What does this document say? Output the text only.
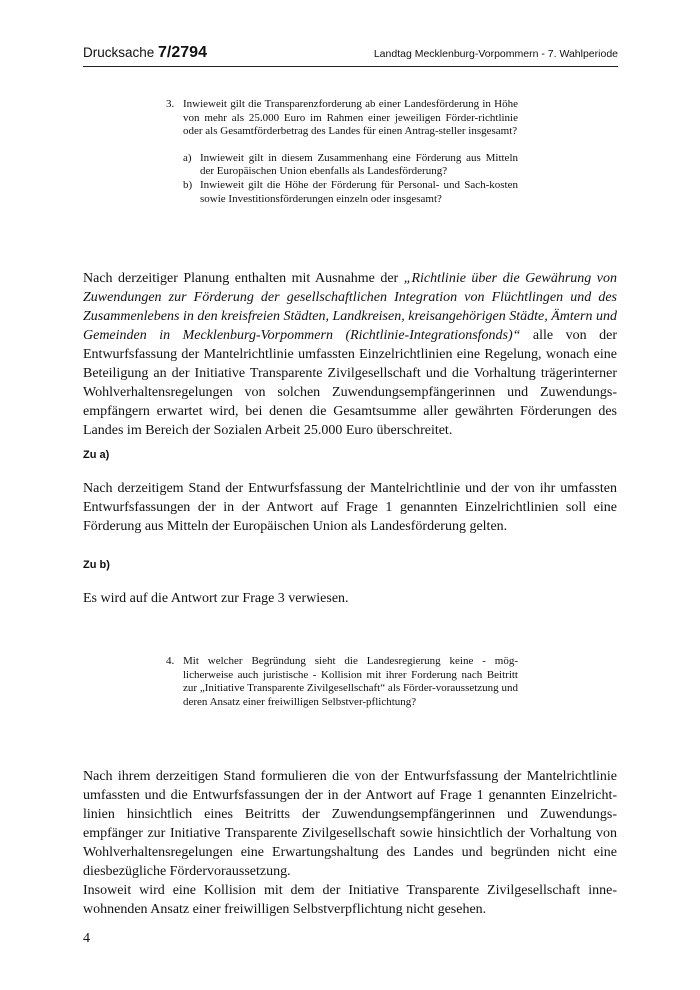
Drucksache 7/2794	Landtag Mecklenburg-Vorpommern - 7. Wahlperiode
3. Inwieweit gilt die Transparenzforderung ab einer Landesförderung in Höhe von mehr als 25.000 Euro im Rahmen einer jeweiligen Förder-richtlinie oder als Gesamtförderbetrag des Landes für einen Antrag-steller insgesamt?
a) Inwieweit gilt in diesem Zusammenhang eine Förderung aus Mitteln der Europäischen Union ebenfalls als Landesförderung?
b) Inwieweit gilt die Höhe der Förderung für Personal- und Sach-kosten sowie Investitionsförderungen einzeln oder insgesamt?

Nach derzeitiger Planung enthalten mit Ausnahme der „Richtlinie über die Gewährung von Zuwendungen zur Förderung der gesellschaftlichen Integration von Flüchtlingen und des Zusammenlebens in den kreisfreien Städten, Landkreisen, kreisangehörigen Städte, Ämtern und Gemeinden in Mecklenburg-Vorpommern (Richtlinie-Integrationsfonds)“ alle von der Entwurfsfassung der Mantelrichtlinie umfassten Einzelrichtlinien eine Regelung, wonach eine Beteiligung an der Initiative Transparente Zivilgesellschaft und die Vorhaltung trägerinterner Wohlverhaltensregelungen von solchen Zuwendungsempfängerinnen und Zuwendungs-empfängern erwartet wird, bei denen die Gesamtsumme aller gewährten Förderungen des Landes im Bereich der Sozialen Arbeit 25.000 Euro überschreitet.

Zu a)

Nach derzeitigem Stand der Entwurfsfassung der Mantelrichtlinie und der von ihr umfassten Entwurfsfassungen der in der Antwort auf Frage 1 genannten Einzelrichtlinien soll eine Förderung aus Mitteln der Europäischen Union als Landesförderung gelten.

Zu b)

Es wird auf die Antwort zur Frage 3 verwiesen.

4. Mit welcher Begründung sieht die Landesregierung keine - mög-licherweise auch juristische - Kollision mit ihrer Forderung nach Beitritt zur „Initiative Transparente Zivilgesellschaft“ als Förder-voraussetzung und deren Ansatz einer freiwilligen Selbstver-pflichtung?

Nach ihrem derzeitigen Stand formulieren die von der Entwurfsfassung der Mantelrichtlinie umfassten und die Entwurfsfassungen der in der Antwort auf Frage 1 genannten Einzelricht-linien hinsichtlich eines Beitritts der Zuwendungsempfängerinnen und Zuwendungs-empfänger zur Initiative Transparente Zivilgesellschaft sowie hinsichtlich der Vorhaltung von Wohlverhaltensregelungen eine Erwartungshaltung des Landes und begründen nicht eine diesbezügliche Fördervoraussetzung.

Insoweit wird eine Kollision mit dem der Initiative Transparente Zivilgesellschaft inne-wohnenden Ansatz einer freiwilligen Selbstverpflichtung nicht gesehen.

4
